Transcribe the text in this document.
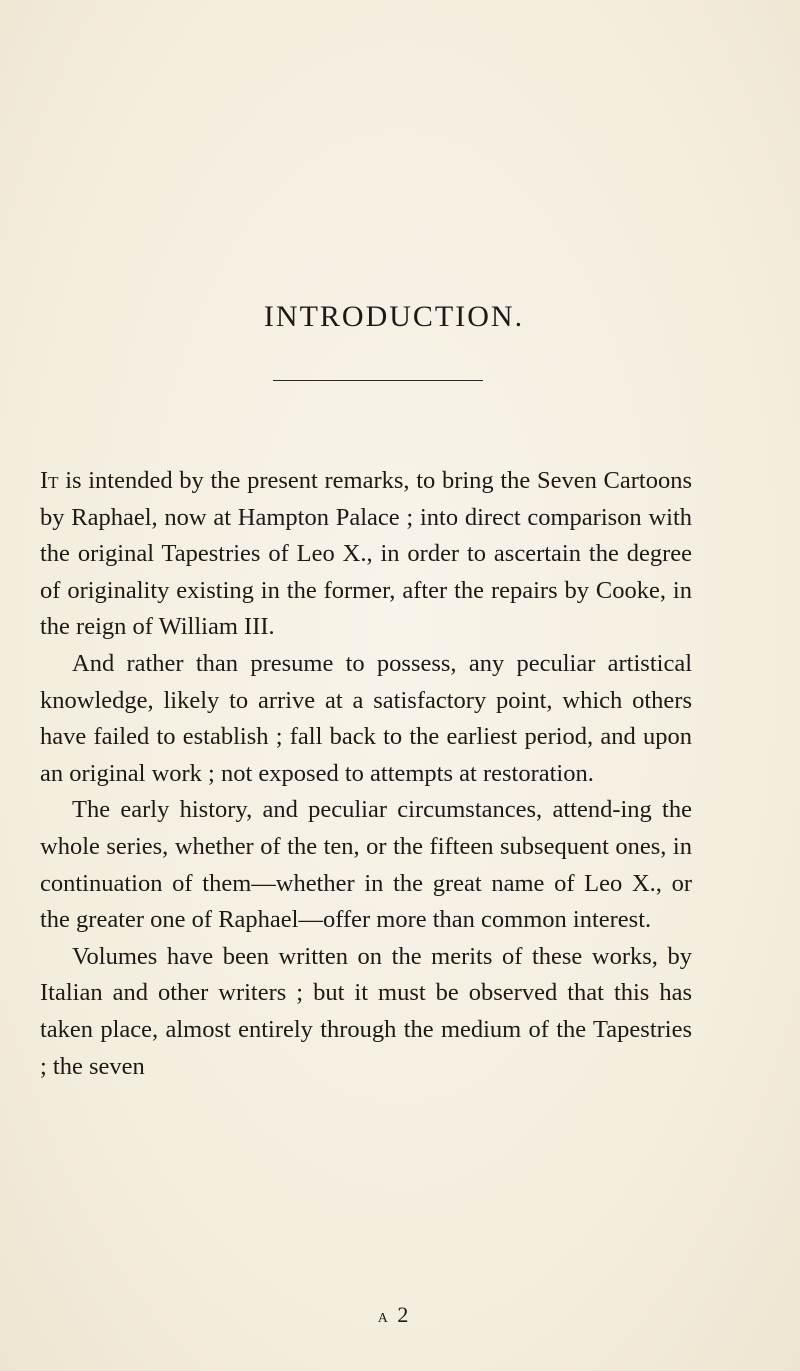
INTRODUCTION.

It is intended by the present remarks, to bring the Seven Cartoons by Raphael, now at Hampton Palace ; into direct comparison with the original Tapestries of Leo X., in order to ascertain the degree of originality existing in the former, after the repairs by Cooke, in the reign of William III.

And rather than presume to possess, any peculiar artistical knowledge, likely to arrive at a satisfactory point, which others have failed to establish ; fall back to the earliest period, and upon an original work ; not exposed to attempts at restoration.

The early history, and peculiar circumstances, attend-ing the whole series, whether of the ten, or the fifteen subsequent ones, in continuation of them—whether in the great name of Leo X., or the greater one of Raphael—offer more than common interest.

Volumes have been written on the merits of these works, by Italian and other writers ; but it must be observed that this has taken place, almost entirely through the medium of the Tapestries ; the seven

a 2
